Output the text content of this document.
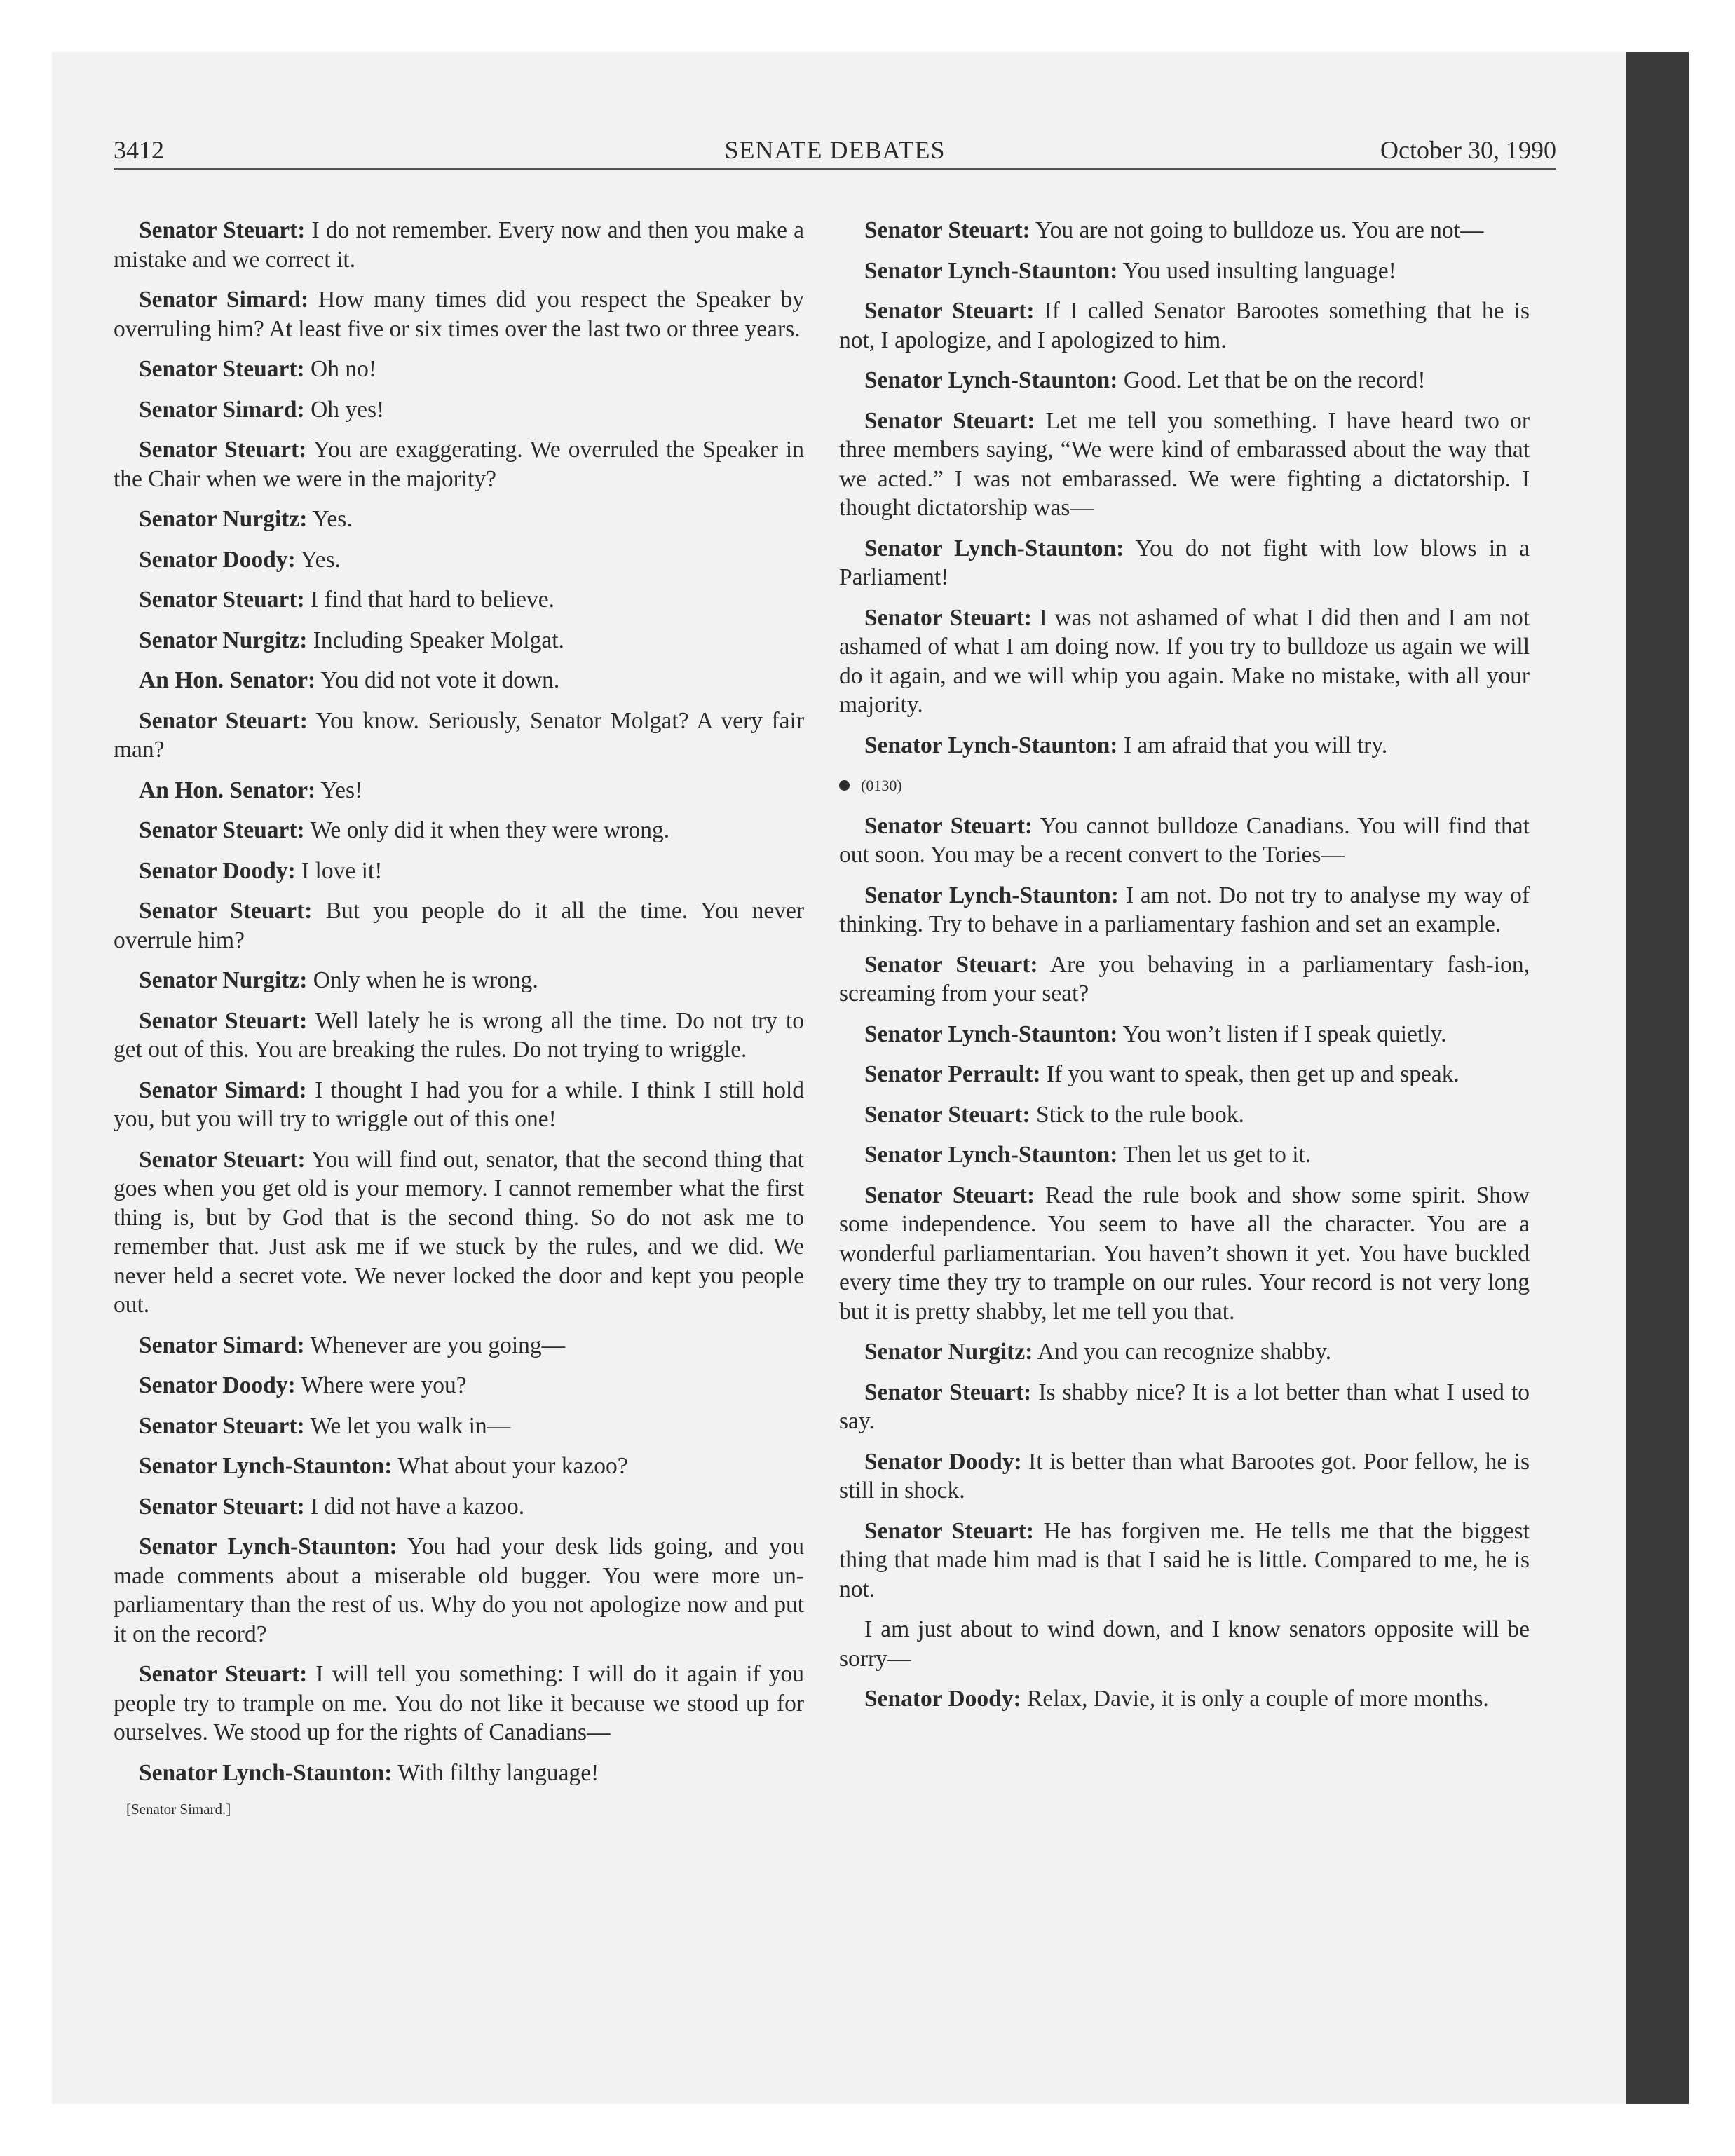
3412	SENATE DEBATES	October 30, 1990

Senator Steuart: I do not remember. Every now and then you make a mistake and we correct it.

Senator Simard: How many times did you respect the Speaker by overruling him? At least five or six times over the last two or three years.

Senator Steuart: Oh no!

Senator Simard: Oh yes!

Senator Steuart: You are exaggerating. We overruled the Speaker in the Chair when we were in the majority?

Senator Nurgitz: Yes.

Senator Doody: Yes.

Senator Steuart: I find that hard to believe.

Senator Nurgitz: Including Speaker Molgat.

An Hon. Senator: You did not vote it down.

Senator Steuart: You know. Seriously, Senator Molgat? A very fair man?

An Hon. Senator: Yes!

Senator Steuart: We only did it when they were wrong.

Senator Doody: I love it!

Senator Steuart: But you people do it all the time. You never overrule him?

Senator Nurgitz: Only when he is wrong.

Senator Steuart: Well lately he is wrong all the time. Do not try to get out of this. You are breaking the rules. Do not trying to wriggle.

Senator Simard: I thought I had you for a while. I think I still hold you, but you will try to wriggle out of this one!

Senator Steuart: You will find out, senator, that the second thing that goes when you get old is your memory. I cannot remember what the first thing is, but by God that is the second thing. So do not ask me to remember that. Just ask me if we stuck by the rules, and we did. We never held a secret vote. We never locked the door and kept you people out.

Senator Simard: Whenever are you going—

Senator Doody: Where were you?

Senator Steuart: We let you walk in—

Senator Lynch-Staunton: What about your kazoo?

Senator Steuart: I did not have a kazoo.

Senator Lynch-Staunton: You had your desk lids going, and you made comments about a miserable old bugger. You were more un-parliamentary than the rest of us. Why do you not apologize now and put it on the record?

Senator Steuart: I will tell you something: I will do it again if you people try to trample on me. You do not like it because we stood up for ourselves. We stood up for the rights of Canadians—

Senator Lynch-Staunton: With filthy language!

[Senator Simard.]

Senator Steuart: You are not going to bulldoze us. You are not—

Senator Lynch-Staunton: You used insulting language!

Senator Steuart: If I called Senator Barootes something that he is not, I apologize, and I apologized to him.

Senator Lynch-Staunton: Good. Let that be on the record!

Senator Steuart: Let me tell you something. I have heard two or three members saying, “We were kind of embarassed about the way that we acted.” I was not embarassed. We were fighting a dictatorship. I thought dictatorship was—

Senator Lynch-Staunton: You do not fight with low blows in a Parliament!

Senator Steuart: I was not ashamed of what I did then and I am not ashamed of what I am doing now. If you try to bulldoze us again we will do it again, and we will whip you again. Make no mistake, with all your majority.

Senator Lynch-Staunton: I am afraid that you will try.

(0130)

Senator Steuart: You cannot bulldoze Canadians. You will find that out soon. You may be a recent convert to the Tories—

Senator Lynch-Staunton: I am not. Do not try to analyse my way of thinking. Try to behave in a parliamentary fashion and set an example.

Senator Steuart: Are you behaving in a parliamentary fash-ion, screaming from your seat?

Senator Lynch-Staunton: You won’t listen if I speak quietly.

Senator Perrault: If you want to speak, then get up and speak.

Senator Steuart: Stick to the rule book.

Senator Lynch-Staunton: Then let us get to it.

Senator Steuart: Read the rule book and show some spirit. Show some independence. You seem to have all the character. You are a wonderful parliamentarian. You haven’t shown it yet. You have buckled every time they try to trample on our rules. Your record is not very long but it is pretty shabby, let me tell you that.

Senator Nurgitz: And you can recognize shabby.

Senator Steuart: Is shabby nice? It is a lot better than what I used to say.

Senator Doody: It is better than what Barootes got. Poor fellow, he is still in shock.

Senator Steuart: He has forgiven me. He tells me that the biggest thing that made him mad is that I said he is little. Compared to me, he is not.

I am just about to wind down, and I know senators opposite will be sorry—

Senator Doody: Relax, Davie, it is only a couple of more months.
